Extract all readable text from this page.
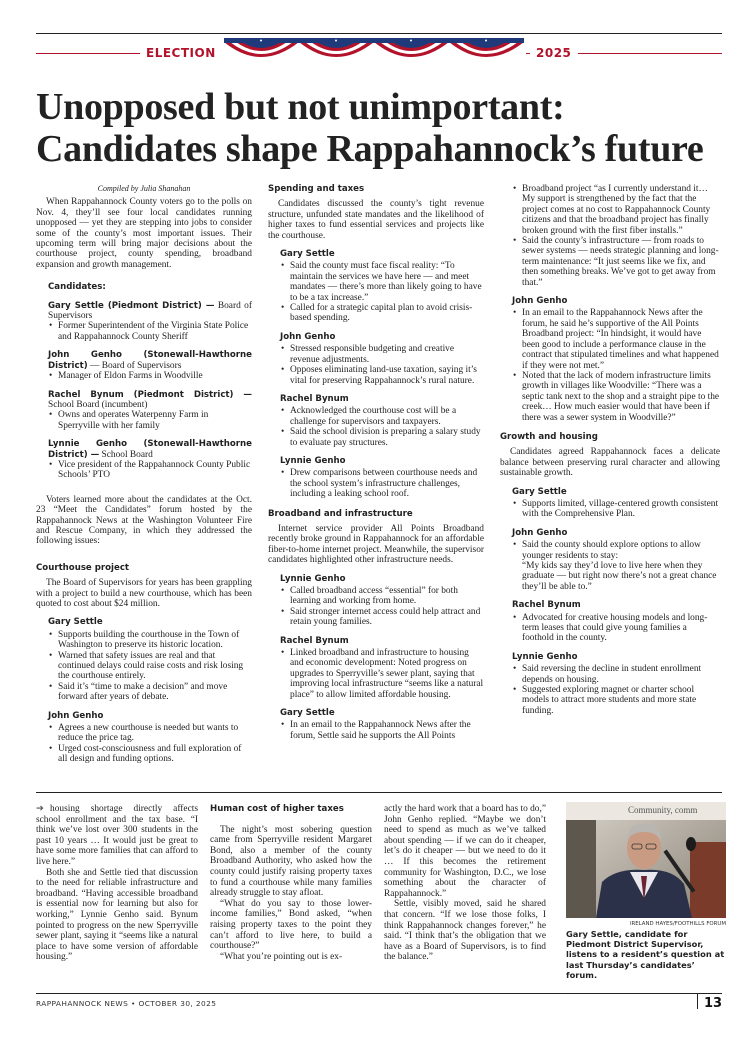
ELECTION	2025
Unopposed but not unimportant:
Candidates shape Rappahannock’s future
Compiled by Julia Shanahan

When Rappahannock County voters go to the polls on Nov. 4, they’ll see four local candidates running unopposed — yet they are stepping into jobs to consider some of the county’s most important issues. Their upcoming term will bring major decisions about the courthouse project, county spending, broadband expansion and growth management.

Candidates:

Gary Settle (Piedmont District) — Board of Supervisors

• Former Superintendent of the Virginia State Police and Rappahannock County Sheriff

John Genho (Stonewall-Hawthorne District) — Board of Supervisors

• Manager of Eldon Farms in Woodville

Rachel Bynum (Piedmont District) — School Board (incumbent)

• Owns and operates Waterpenny Farm in Sperryville with her family

Lynnie Genho (Stonewall-Hawthorne District) — School Board

• Vice president of the Rappahannock County Public Schools’ PTO

Voters learned more about the candidates at the Oct. 23 “Meet the Candidates” forum hosted by the Rappahannock News at the Washington Volunteer Fire and Rescue Company, in which they addressed the following issues:

Courthouse project

The Board of Supervisors for years has been grappling with a project to build a new courthouse, which has been quoted to cost about $24 million.

Gary Settle
• Supports building the courthouse in the Town of Washington to preserve its historic location.
• Warned that safety issues are real and that continued delays could raise costs and risk losing the courthouse entirely.
• Said it’s “time to make a decision” and move forward after years of debate.
John Genho
• Agrees a new courthouse is needed but wants to reduce the price tag.
• Urged cost-consciousness and full exploration of all design and funding options.
Spending and taxes

Candidates discussed the county’s tight revenue structure, unfunded state mandates and the likelihood of higher taxes to fund essential services and projects like the courthouse.

Gary Settle
• Said the county must face fiscal reality: “To maintain the services we have here — and meet mandates — there’s more than likely going to have to be a tax increase.”
• Called for a strategic capital plan to avoid crisis-based spending.
John Genho
• Stressed responsible budgeting and creative revenue adjustments.
• Opposes eliminating land-use taxation, saying it’s vital for preserving Rappahannock’s rural nature.
Rachel Bynum
• Acknowledged the courthouse cost will be a challenge for supervisors and taxpayers.
• Said the school division is preparing a salary study to evaluate pay structures.
Lynnie Genho
• Drew comparisons between courthouse needs and the school system’s infrastructure challenges, including a leaking school roof.
Broadband and infrastructure

Internet service provider All Points Broadband recently broke ground in Rappahannock for an affordable fiber-to-home internet project. Meanwhile, the supervisor candidates highlighted other infrastructure needs.

Lynnie Genho
• Called broadband access “essential” for both learning and working from home.
• Said stronger internet access could help attract and retain young families.
Rachel Bynum
• Linked broadband and infrastructure to housing and economic development: Noted progress on upgrades to Sperryville’s sewer plant, saying that improving local infrastructure “seems like a natural place” to allow limited affordable housing.
Gary Settle
• In an email to the Rappahannock News after the forum, Settle said he supports the All Points
• Broadband project “as I currently understand it… My support is strengthened by the fact that the project comes at no cost to Rappahannock County citizens and that the broadband project has finally broken ground with the first fiber installs.”
• Said the county’s infrastructure — from roads to sewer systems — needs strategic planning and long-term maintenance: “It just seems like we fix, and then something breaks. We’ve got to get away from that.”
John Genho
• In an email to the Rappahannock News after the forum, he said he’s supportive of the All Points Broadband project: “In hindsight, it would have been good to include a performance clause in the contract that stipulated timelines and what happened if they were not met.”
• Noted that the lack of modern infrastructure limits growth in villages like Woodville: “There was a septic tank next to the shop and a straight pipe to the creek… How much easier would that have been if there was a sewer system in Woodville?”
Growth and housing

Candidates agreed Rappahannock faces a delicate balance between preserving rural character and allowing sustainable growth.

Gary Settle
• Supports limited, village-centered growth consistent with the Comprehensive Plan.
John Genho
• Said the county should explore options to allow younger residents to stay:
“My kids say they’d love to live here when they graduate — but right now there’s not a great chance they’ll be able to.”
Rachel Bynum
• Advocated for creative housing models and long-term leases that could give young families a foothold in the county.
Lynnie Genho
• Said reversing the decline in student enrollment depends on housing.
• Suggested exploring magnet or charter school models to attract more students and more state funding.

➔ housing shortage directly affects school enrollment and the tax base. “I think we’ve lost over 300 students in the past 10 years … It would just be great to have some more families that can afford to live here.”

Both she and Settle tied that discussion to the need for reliable infrastructure and broadband. “Having accessible broadband is essential now for learning but also for working,” Lynnie Genho said. Bynum pointed to progress on the new Sperryville sewer plant, saying it “seems like a natural place to have some version of affordable housing.”

Human cost of higher taxes

The night’s most sobering question came from Sperryville resident Margaret Bond, also a member of the county Broadband Authority, who asked how the county could justify raising property taxes to fund a courthouse while many families already struggle to stay afloat.

“What do you say to those lower-income families,” Bond asked, “when raising property taxes to the point they can’t afford to live here, to build a courthouse?”

“What you’re pointing out is ex-

actly the hard work that a board has to do,” John Genho replied. “Maybe we don’t need to spend as much as we’ve talked about spending — if we can do it cheaper, let’s do it cheaper — but we need to do it … If this becomes the retirement community for Washington, D.C., we lose something about the character of Rappahannock.”

Settle, visibly moved, said he shared that concern. “If we lose those folks, I think Rappahannock changes forever,” he said. “I think that’s the obligation that we have as a Board of Supervisors, is to find the balance.”

Community, comm
IRELAND HAYES/FOOTHILLS FORUM
Gary Settle, candidate for Piedmont District Supervisor, listens to a resident’s question at last Thursday’s candidates’ forum.
RAPPAHANNOCK NEWS • OCTOBER 30, 2025	13
